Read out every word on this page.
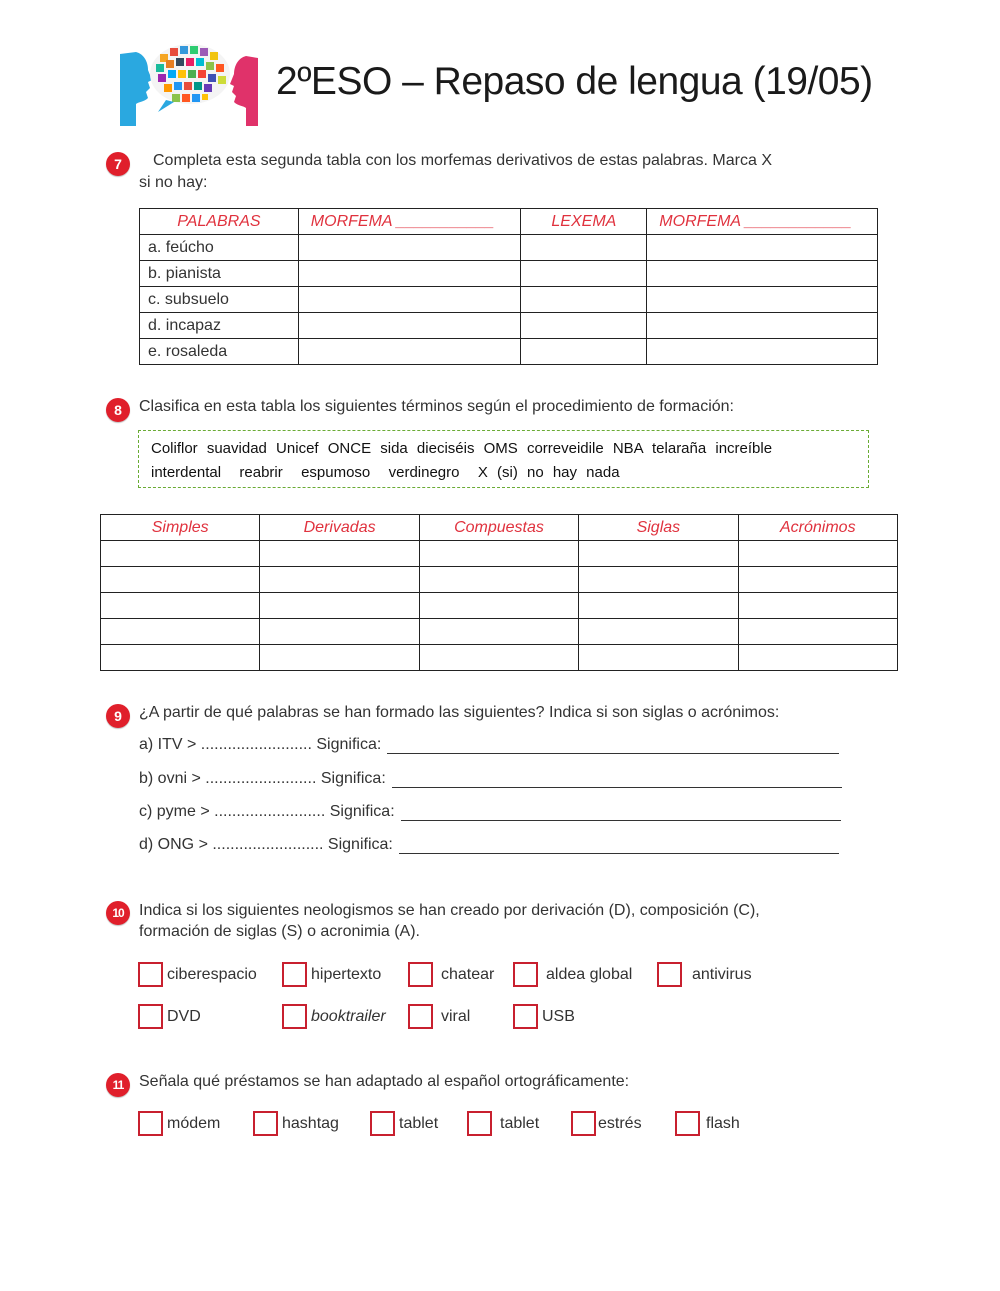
2ºESO – Repaso de lengua (19/05)
7	Completa esta segunda tabla con los morfemas derivativos de estas palabras. Marca X
si no hay:
PALABRAS	MORFEMA ___________	LEXEMA	MORFEMA ____________
a. feúcho			
b. pianista			
c. subsuelo			
d. incapaz			
e. rosaleda			
8	Clasifica en esta tabla los siguientes términos según el procedimiento de formación:
Coliflor suavidad Unicef ONCE sida dieciséis OMS correveidile NBA telaraña increíble
interdental  reabrir  espumoso  verdinegro  X (si) no hay nada
Simples	Derivadas	Compuestas	Siglas	Acrónimos

9	¿A partir de qué palabras se han formado las siguientes? Indica si son siglas o acrónimos:
a) ITV > ......................... Significa:
b) ovni > ......................... Significa:
c) pyme > ......................... Significa:
d) ONG > ......................... Significa:
10 Indica si los siguientes neologismos se han creado por derivación (D), composición (C),
formación de siglas (S) o acronimia (A).
ciberespacio	hipertexto	chatear	aldea global	antivirus
DVD	booktrailer	viral	USB
11 Señala qué préstamos se han adaptado al español ortográficamente:
módem	hashtag	tablet	tablet	estrés	flash
